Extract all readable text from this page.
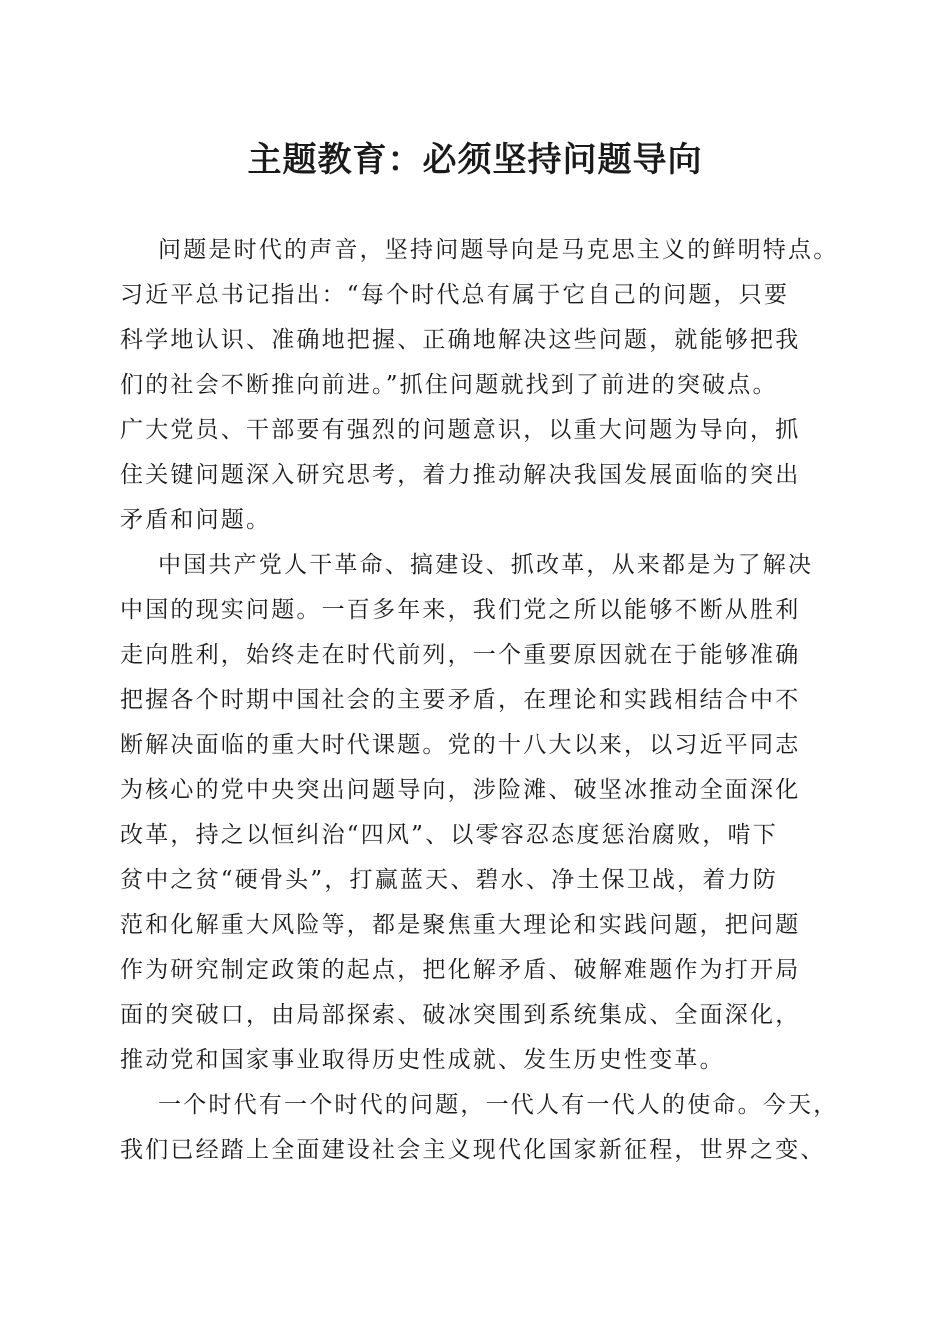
主题教育：必须坚持问题导向
问题是时代的声音，坚持问题导向是马克思主义的鲜明特点。
习近平总书记指出：“每个时代总有属于它自己的问题，只要
科学地认识、准确地把握、正确地解决这些问题，就能够把我
们的社会不断推向前进。”抓住问题就找到了前进的突破点。
广大党员、干部要有强烈的问题意识，以重大问题为导向，抓
住关键问题深入研究思考，着力推动解决我国发展面临的突出
矛盾和问题。
中国共产党人干革命、搞建设、抓改革，从来都是为了解决
中国的现实问题。一百多年来，我们党之所以能够不断从胜利
走向胜利，始终走在时代前列，一个重要原因就在于能够准确
把握各个时期中国社会的主要矛盾，在理论和实践相结合中不
断解决面临的重大时代课题。党的十八大以来，以习近平同志
为核心的党中央突出问题导向，涉险滩、破坚冰推动全面深化
改革，持之以恒纠治“四风”、以零容忍态度惩治腐败，啃下
贫中之贫“硬骨头”，打赢蓝天、碧水、净土保卫战，着力防
范和化解重大风险等，都是聚焦重大理论和实践问题，把问题
作为研究制定政策的起点，把化解矛盾、破解难题作为打开局
面的突破口，由局部探索、破冰突围到系统集成、全面深化，
推动党和国家事业取得历史性成就、发生历史性变革。
一个时代有一个时代的问题，一代人有一代人的使命。今天，
我们已经踏上全面建设社会主义现代化国家新征程，世界之变、
